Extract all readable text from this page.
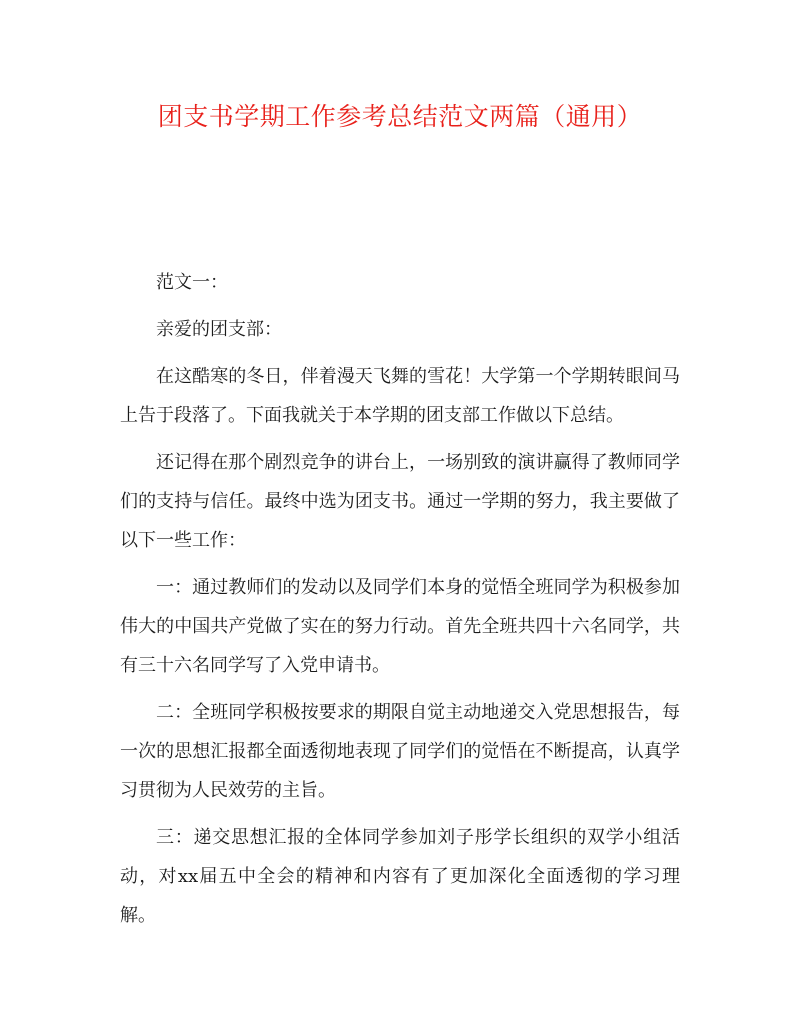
团支书学期工作参考总结范文两篇（通用）

范文一：

亲爱的团支部：

在这酷寒的冬日，伴着漫天飞舞的雪花！大学第一个学期转眼间马上告于段落了。下面我就关于本学期的团支部工作做以下总结。

还记得在那个剧烈竞争的讲台上，一场别致的演讲赢得了教师同学们的支持与信任。最终中选为团支书。通过一学期的努力，我主要做了以下一些工作：

一：通过教师们的发动以及同学们本身的觉悟全班同学为积极参加伟大的中国共产党做了实在的努力行动。首先全班共四十六名同学，共有三十六名同学写了入党申请书。

二：全班同学积极按要求的期限自觉主动地递交入党思想报告，每一次的思想汇报都全面透彻地表现了同学们的觉悟在不断提高，认真学习贯彻为人民效劳的主旨。

三：递交思想汇报的全体同学参加刘子彤学长组织的双学小组活动，对xx届五中全会的精神和内容有了更加深化全面透彻的学习理解。
